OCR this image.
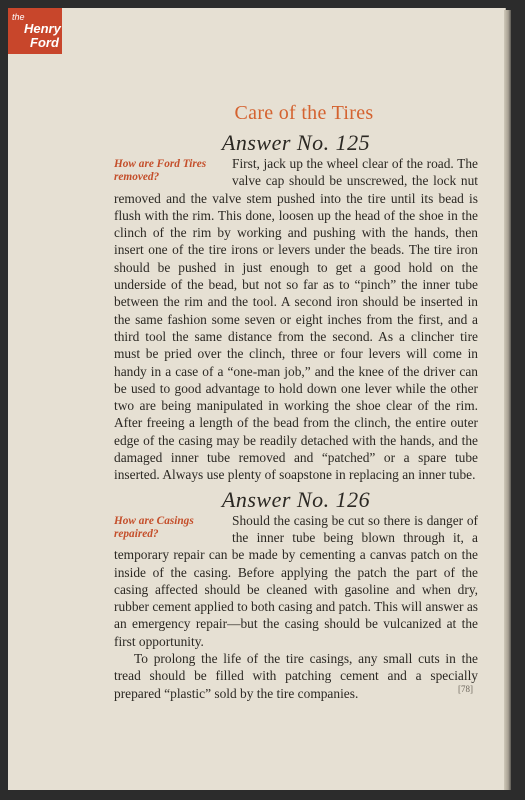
the
Henry
Ford
Care of the Tires
Answer No. 125
How are Ford Tires removed?

First, jack up the wheel clear of the road. The valve cap should be unscrewed, the lock nut removed and the valve stem pushed into the tire until its bead is flush with the rim. This done, loosen up the head of the shoe in the clinch of the rim by working and pushing with the hands, then insert one of the tire irons or levers under the beads. The tire iron should be pushed in just enough to get a good hold on the underside of the bead, but not so far as to “pinch” the inner tube between the rim and the tool. A second iron should be inserted in the same fashion some seven or eight inches from the first, and a third tool the same distance from the second. As a clincher tire must be pried over the clinch, three or four levers will come in handy in a case of a “one-man job,” and the knee of the driver can be used to good advantage to hold down one lever while the other two are being manipulated in working the shoe clear of the rim. After freeing a length of the bead from the clinch, the entire outer edge of the casing may be readily detached with the hands, and the damaged inner tube removed and “patched” or a spare tube inserted. Always use plenty of soapstone in replacing an inner tube.

Answer No. 126
How are Casings repaired?

Should the casing be cut so there is danger of the inner tube being blown through it, a temporary repair can be made by cementing a canvas patch on the inside of the casing. Before applying the patch the part of the casing affected should be cleaned with gasoline and when dry, rubber cement applied to both casing and patch. This will answer as an emergency repair—but the casing should be vulcanized at the first opportunity.

To prolong the life of the tire casings, any small cuts in the tread should be filled with patching cement and a specially prepared “plastic” sold by the tire companies.	[78]
